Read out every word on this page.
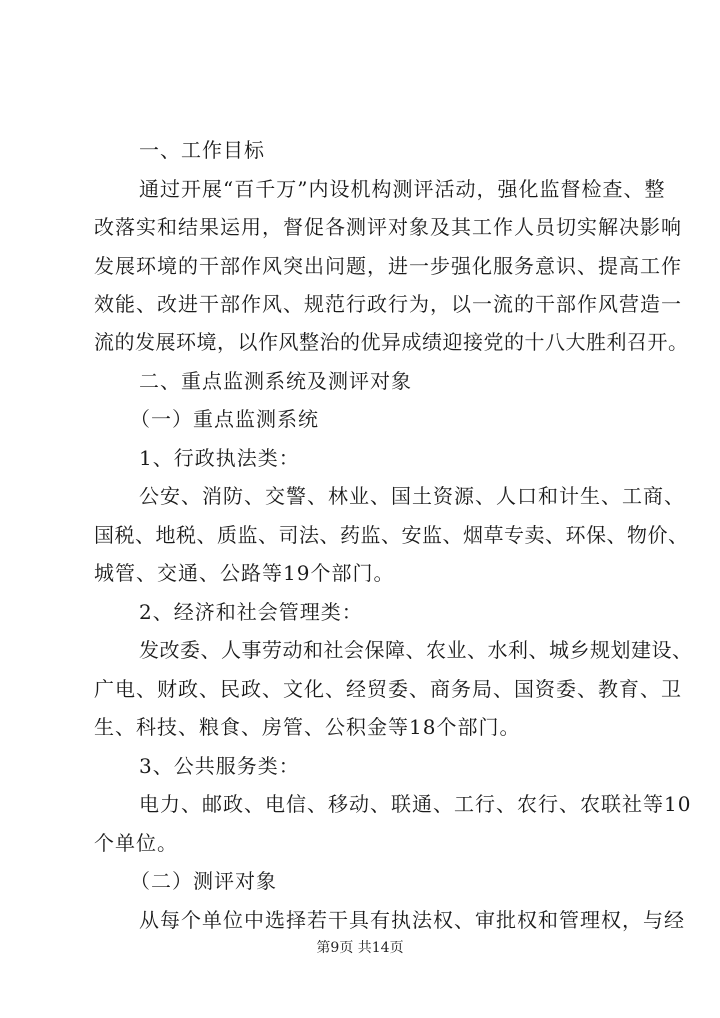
一、工作目标
通过开展“百千万”内设机构测评活动，强化监督检查、整
改落实和结果运用，督促各测评对象及其工作人员切实解决影响
发展环境的干部作风突出问题，进一步强化服务意识、提高工作
效能、改进干部作风、规范行政行为，以一流的干部作风营造一
流的发展环境，以作风整治的优异成绩迎接党的十八大胜利召开。
二、重点监测系统及测评对象
（一）重点监测系统
1、行政执法类：
公安、消防、交警、林业、国土资源、人口和计生、工商、
国税、地税、质监、司法、药监、安监、烟草专卖、环保、物价、
城管、交通、公路等19个部门。
2、经济和社会管理类：
发改委、人事劳动和社会保障、农业、水利、城乡规划建设、
广电、财政、民政、文化、经贸委、商务局、国资委、教育、卫
生、科技、粮食、房管、公积金等18个部门。
3、公共服务类：
电力、邮政、电信、移动、联通、工行、农行、农联社等10
个单位。
（二）测评对象
从每个单位中选择若干具有执法权、审批权和管理权，与经
第9页 共14页
